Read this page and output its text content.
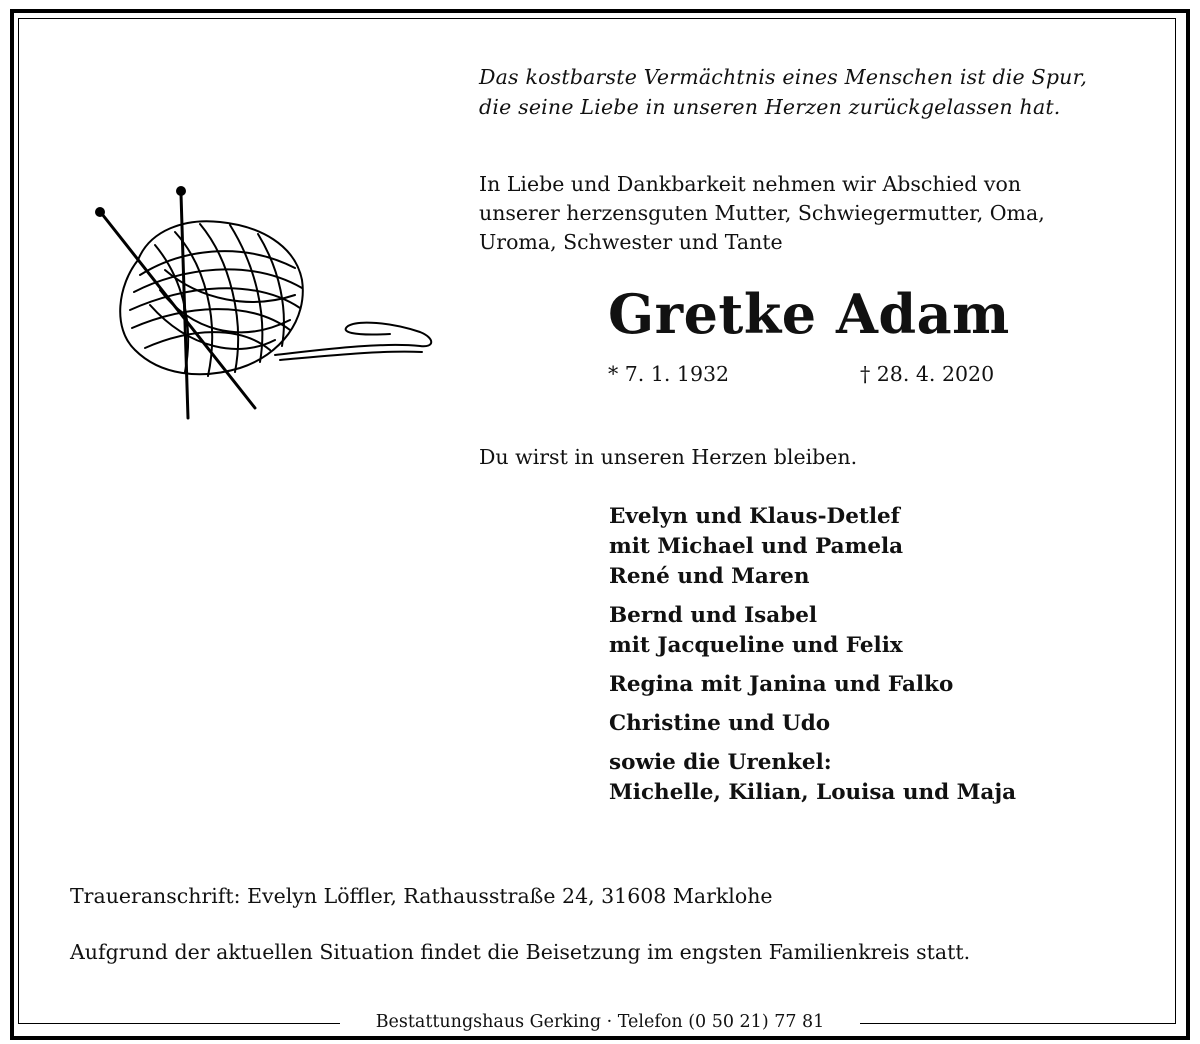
Das kostbarste Vermächtnis eines Menschen ist die Spur,
die seine Liebe in unseren Herzen zurückgelassen hat.
In Liebe und Dankbarkeit nehmen wir Abschied von
unserer herzensguten Mutter, Schwiegermutter, Oma,
Uroma, Schwester und Tante
Gretke Adam
* 7. 1. 1932	† 28. 4. 2020
Du wirst in unseren Herzen bleiben.
Evelyn und Klaus-Detlef
mit Michael und Pamela
René und Maren
Bernd und Isabel
mit Jacqueline und Felix
Regina mit Janina und Falko
Christine und Udo
sowie die Urenkel:
Michelle, Kilian, Louisa und Maja
Traueranschrift: Evelyn Löffler, Rathausstraße 24, 31608 Marklohe
Aufgrund der aktuellen Situation findet die Beisetzung im engsten Familienkreis statt.
Bestattungshaus Gerking · Telefon (0 50 21) 77 81
